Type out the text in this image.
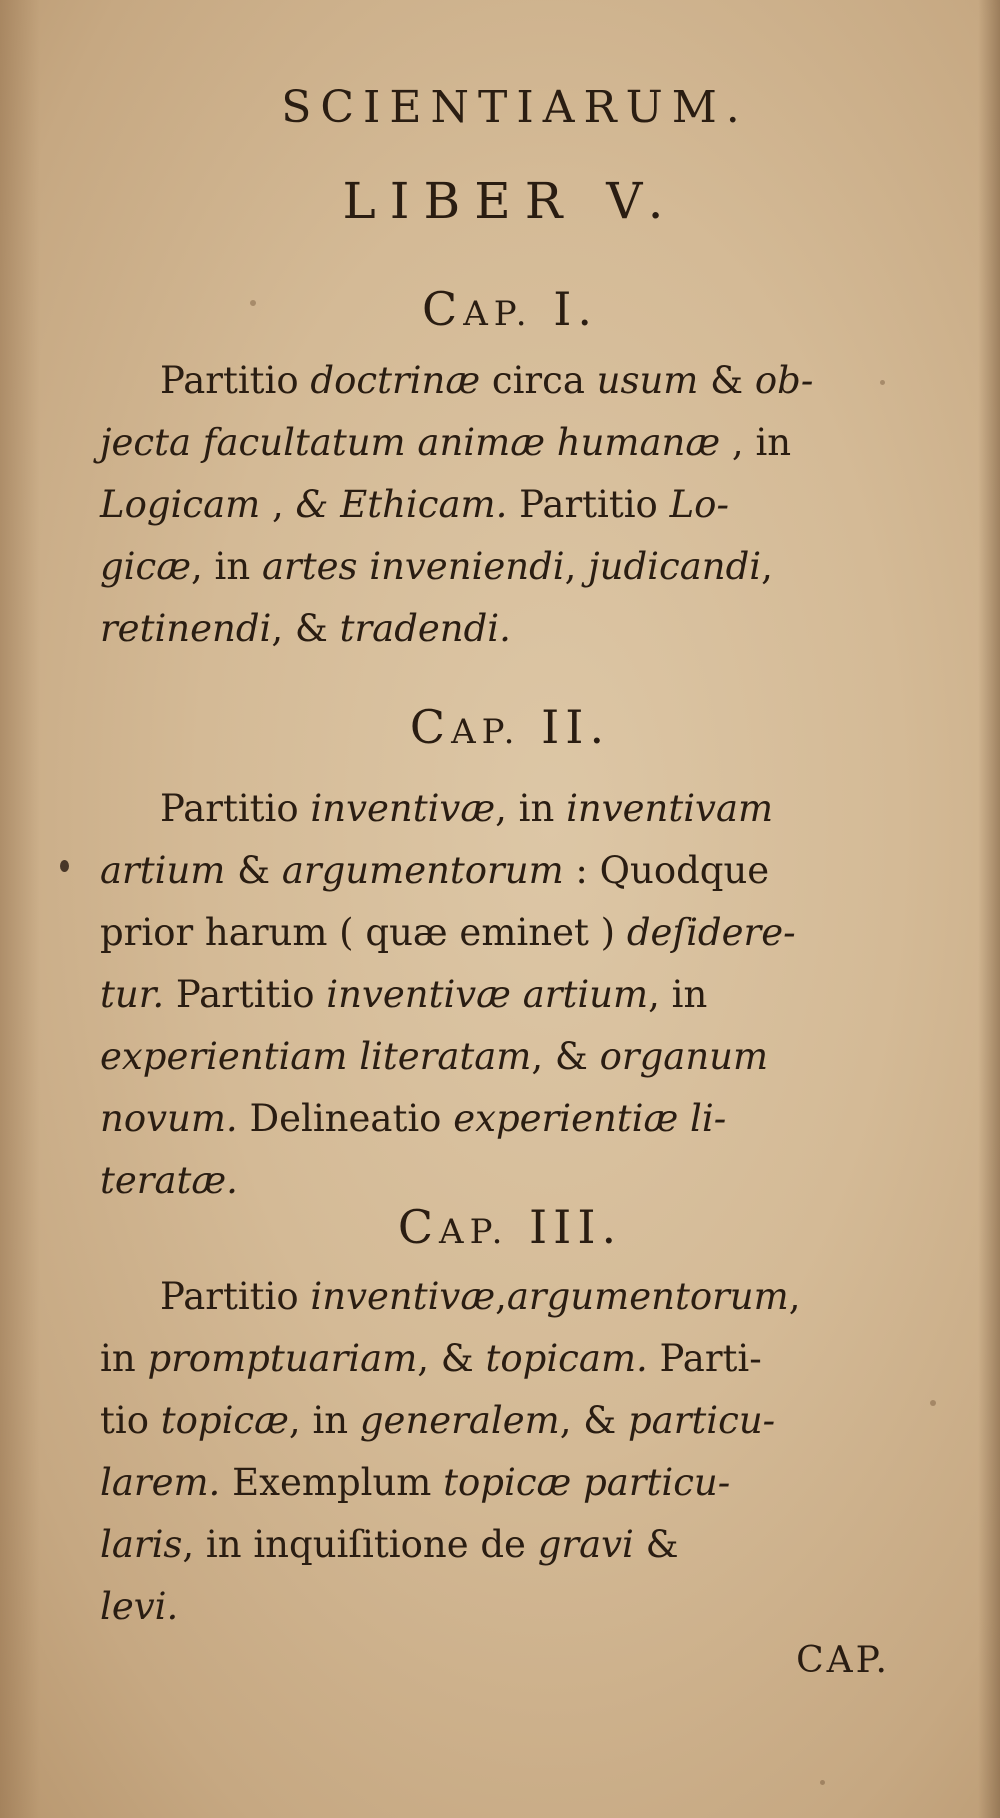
SCIENTIARUM.
LIBER V.
CAP. I.
Partitio doctrinæ circa usum & ob-
jecta facultatum animæ humanæ , in
Logicam , & Ethicam. Partitio Lo-
gicæ, in artes inveniendi, judicandi,
retinendi, & tradendi.
CAP. II.
Partitio inventivæ, in inventivam
artium & argumentorum : Quodque
prior harum ( quæ eminet ) deſidere-
tur. Partitio inventivæ artium, in
experientiam literatam, & organum
novum. Delineatio experientiæ li-
teratæ.
CAP. III.
Partitio inventivæ,argumentorum,
in promptuariam, & topicam. Parti-
tio topicæ, in generalem, & particu-
larem. Exemplum topicæ particu-
laris, in inquiſitione de gravi &
levi.
CAP.
